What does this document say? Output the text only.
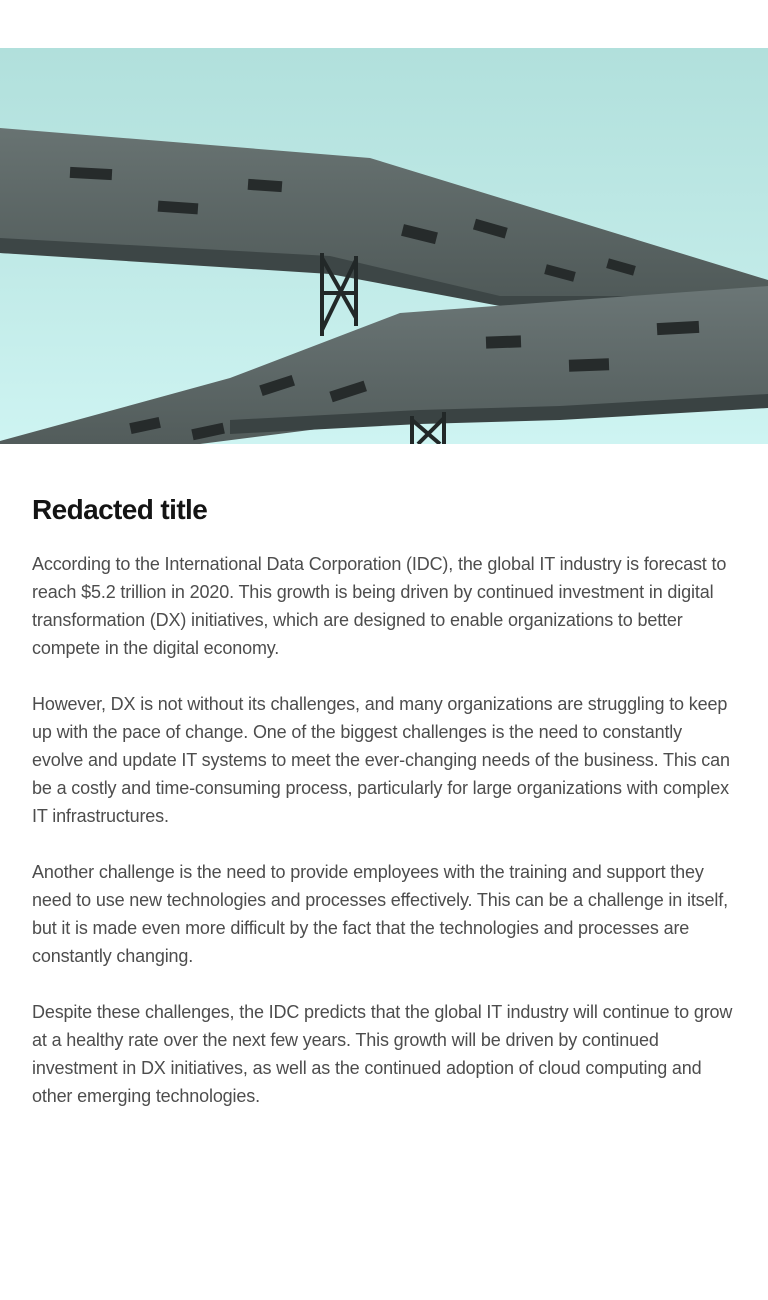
Redacted title

According to the International Data Corporation (IDC), the global IT industry is forecast to reach $5.2 trillion in 2020. This growth is being driven by continued investment in digital transformation (DX) initiatives, which are designed to enable organizations to better compete in the digital economy.

However, DX is not without its challenges, and many organizations are struggling to keep up with the pace of change. One of the biggest challenges is the need to constantly evolve and update IT systems to meet the ever-changing needs of the business. This can be a costly and time-consuming process, particularly for large organizations with complex IT infrastructures.

Another challenge is the need to provide employees with the training and support they need to use new technologies and processes effectively. This can be a challenge in itself, but it is made even more difficult by the fact that the technologies and processes are constantly changing.

Despite these challenges, the IDC predicts that the global IT industry will continue to grow at a healthy rate over the next few years. This growth will be driven by continued investment in DX initiatives, as well as the continued adoption of cloud computing and other emerging technologies.
